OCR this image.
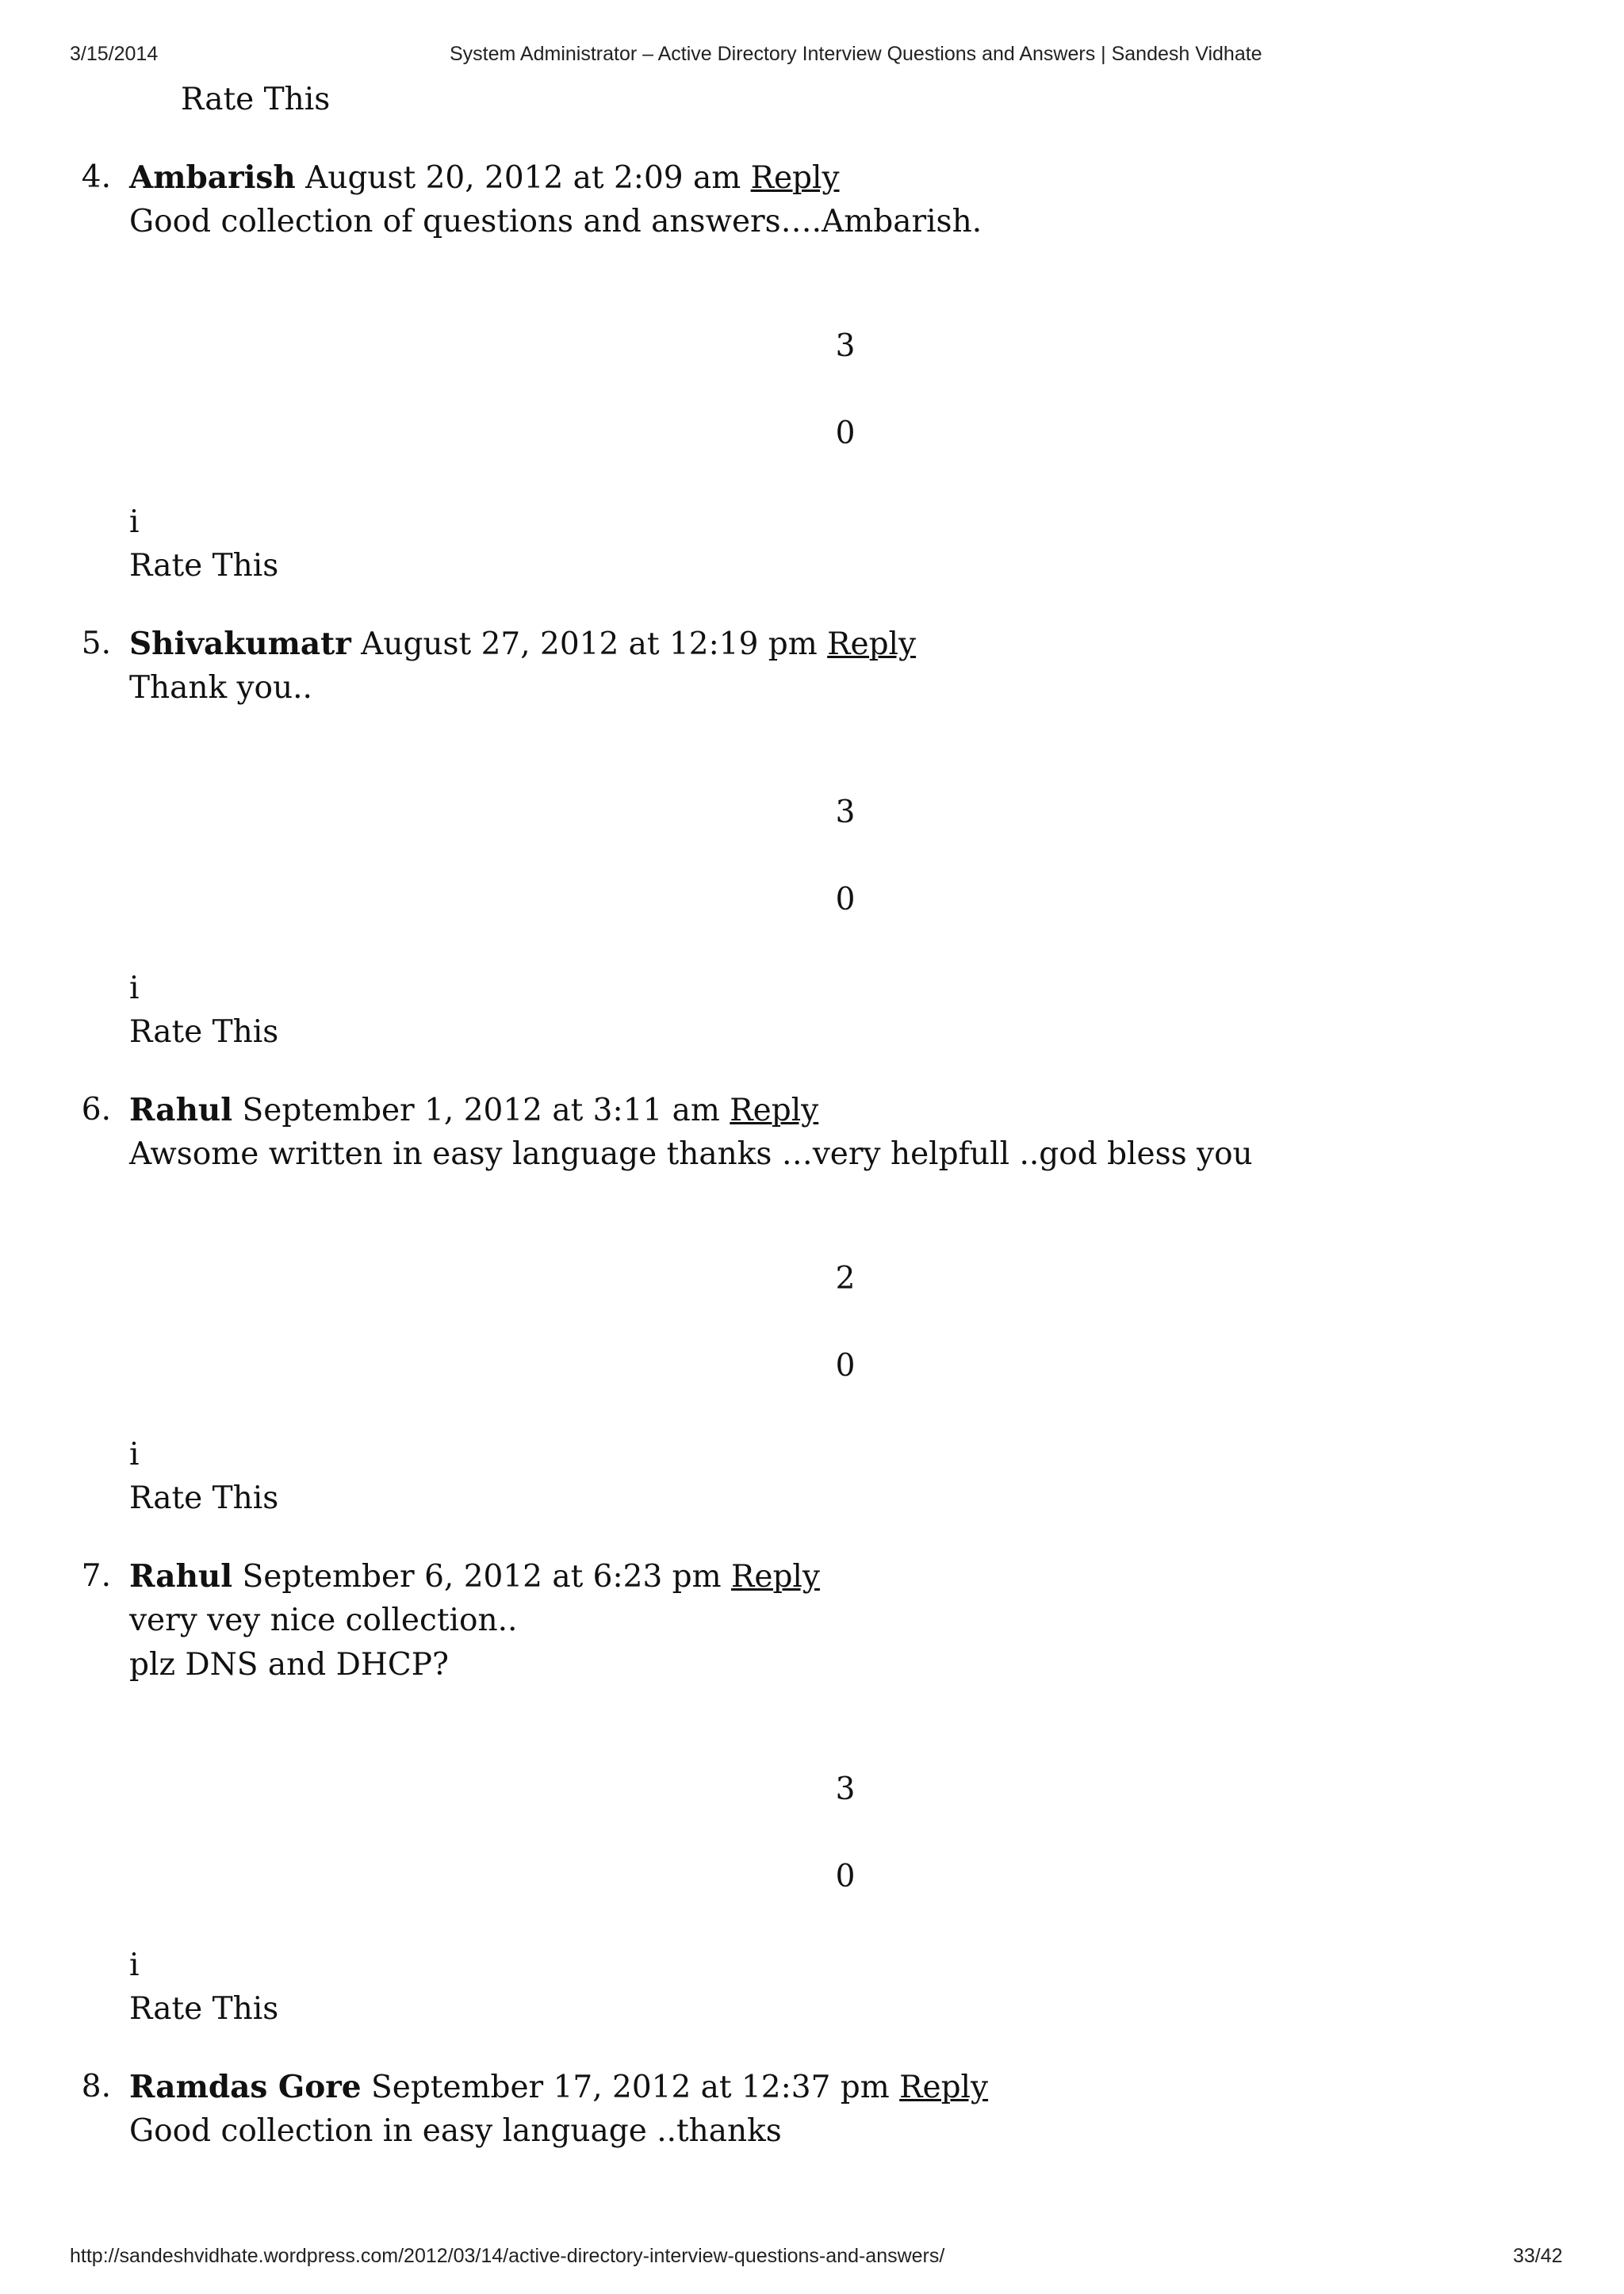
3/15/2014	System Administrator – Active Directory Interview Questions and Answers | Sandesh Vidhate
Rate This
4. Ambarish August 20, 2012 at 2:09 am Reply
Good collection of questions and answers….Ambarish.
3
0
i
Rate This
5. Shivakumatr August 27, 2012 at 12:19 pm Reply
Thank you..
3
0
i
Rate This
6. Rahul September 1, 2012 at 3:11 am Reply
Awsome written in easy language thanks …very helpfull ..god bless you
2
0
i
Rate This
7. Rahul September 6, 2012 at 6:23 pm Reply
very vey nice collection..
plz DNS and DHCP?
3
0
i
Rate This
8. Ramdas Gore September 17, 2012 at 12:37 pm Reply
Good collection in easy language ..thanks
http://sandeshvidhate.wordpress.com/2012/03/14/active-directory-interview-questions-and-answers/	33/42
